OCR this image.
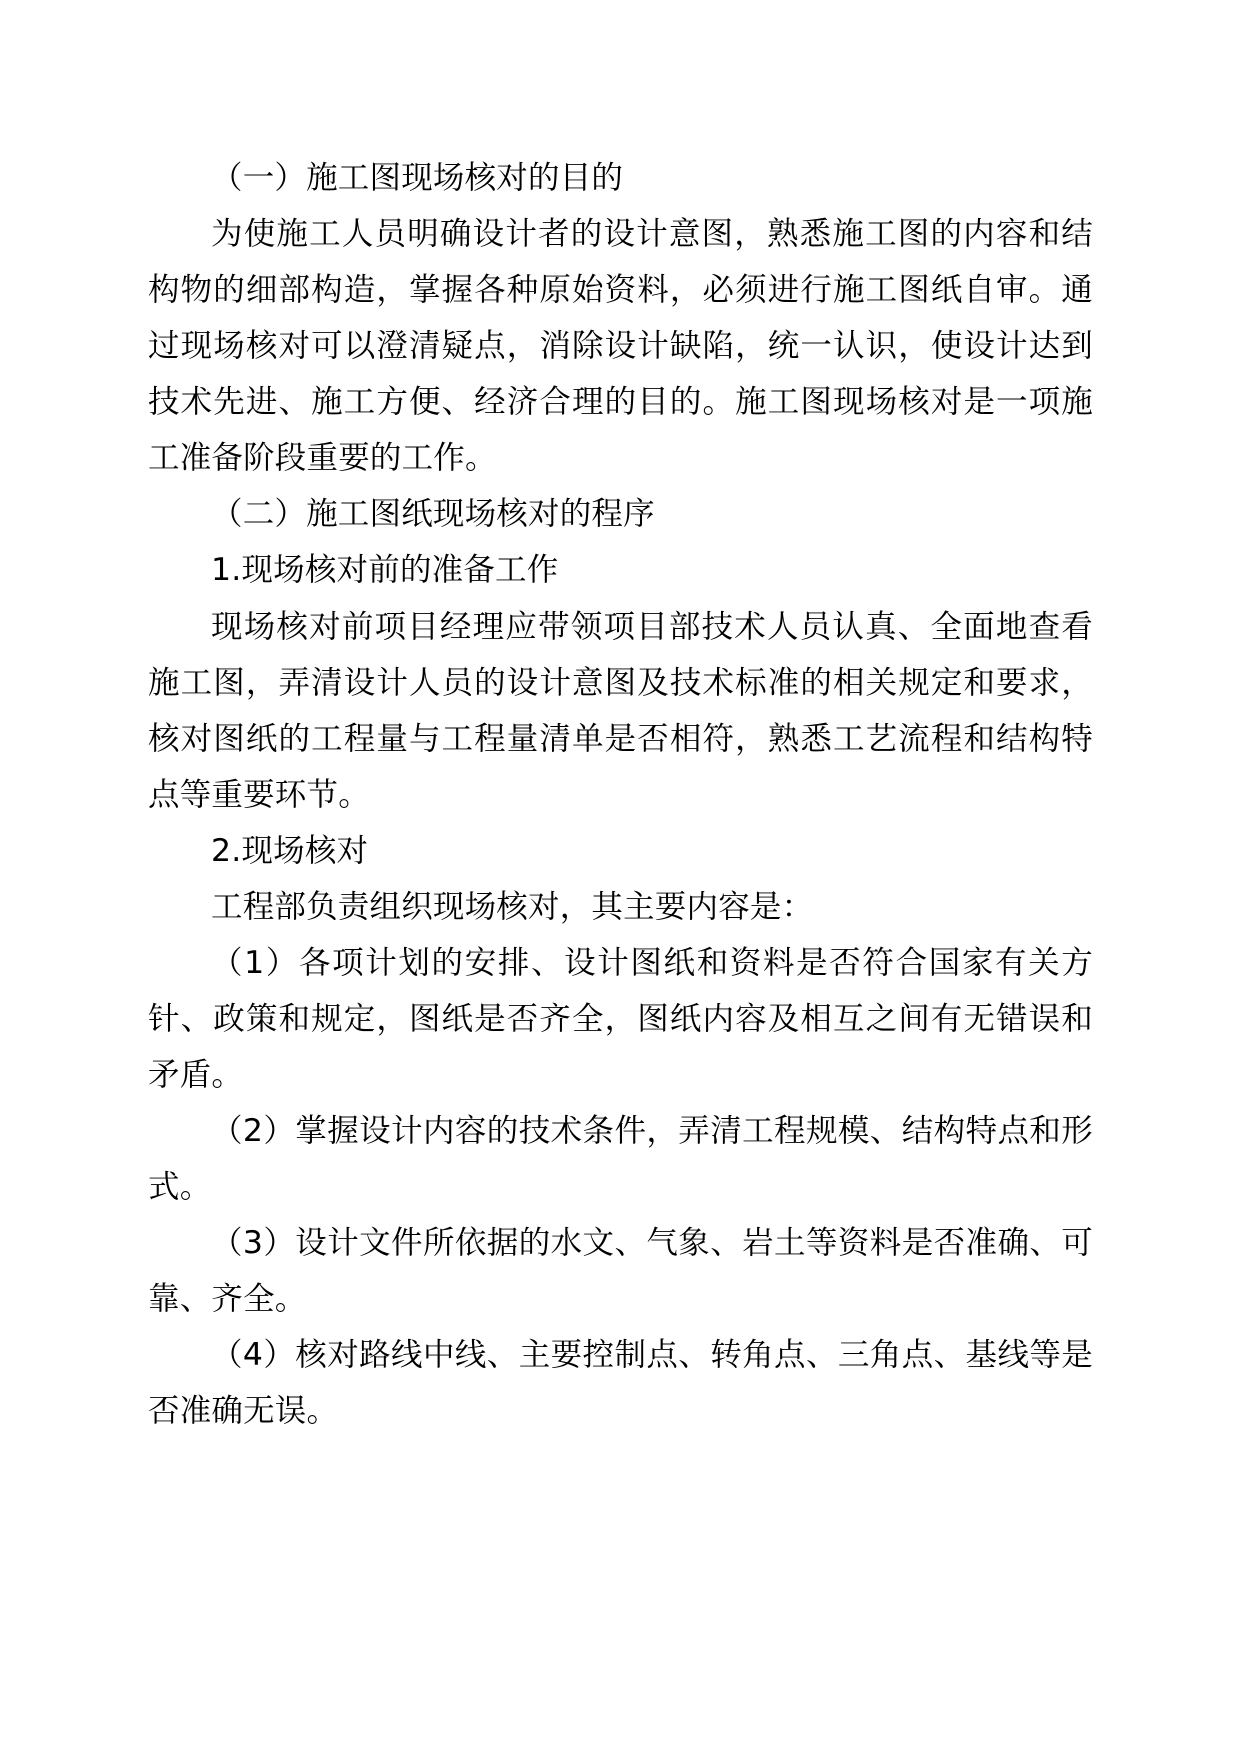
（一）施工图现场核对的目的

为使施工人员明确设计者的设计意图，熟悉施工图的内容和结构物的细部构造，掌握各种原始资料，必须进行施工图纸自审。通过现场核对可以澄清疑点，消除设计缺陷，统一认识，使设计达到技术先进、施工方便、经济合理的目的。施工图现场核对是一项施工准备阶段重要的工作。

（二）施工图纸现场核对的程序

1.现场核对前的准备工作

现场核对前项目经理应带领项目部技术人员认真、全面地查看施工图，弄清设计人员的设计意图及技术标准的相关规定和要求，核对图纸的工程量与工程量清单是否相符，熟悉工艺流程和结构特点等重要环节。

2.现场核对

工程部负责组织现场核对，其主要内容是：

（1）各项计划的安排、设计图纸和资料是否符合国家有关方针、政策和规定，图纸是否齐全，图纸内容及相互之间有无错误和矛盾。

（2）掌握设计内容的技术条件，弄清工程规模、结构特点和形式。

（3）设计文件所依据的水文、气象、岩土等资料是否准确、可靠、齐全。

（4）核对路线中线、主要控制点、转角点、三角点、基线等是否准确无误。
